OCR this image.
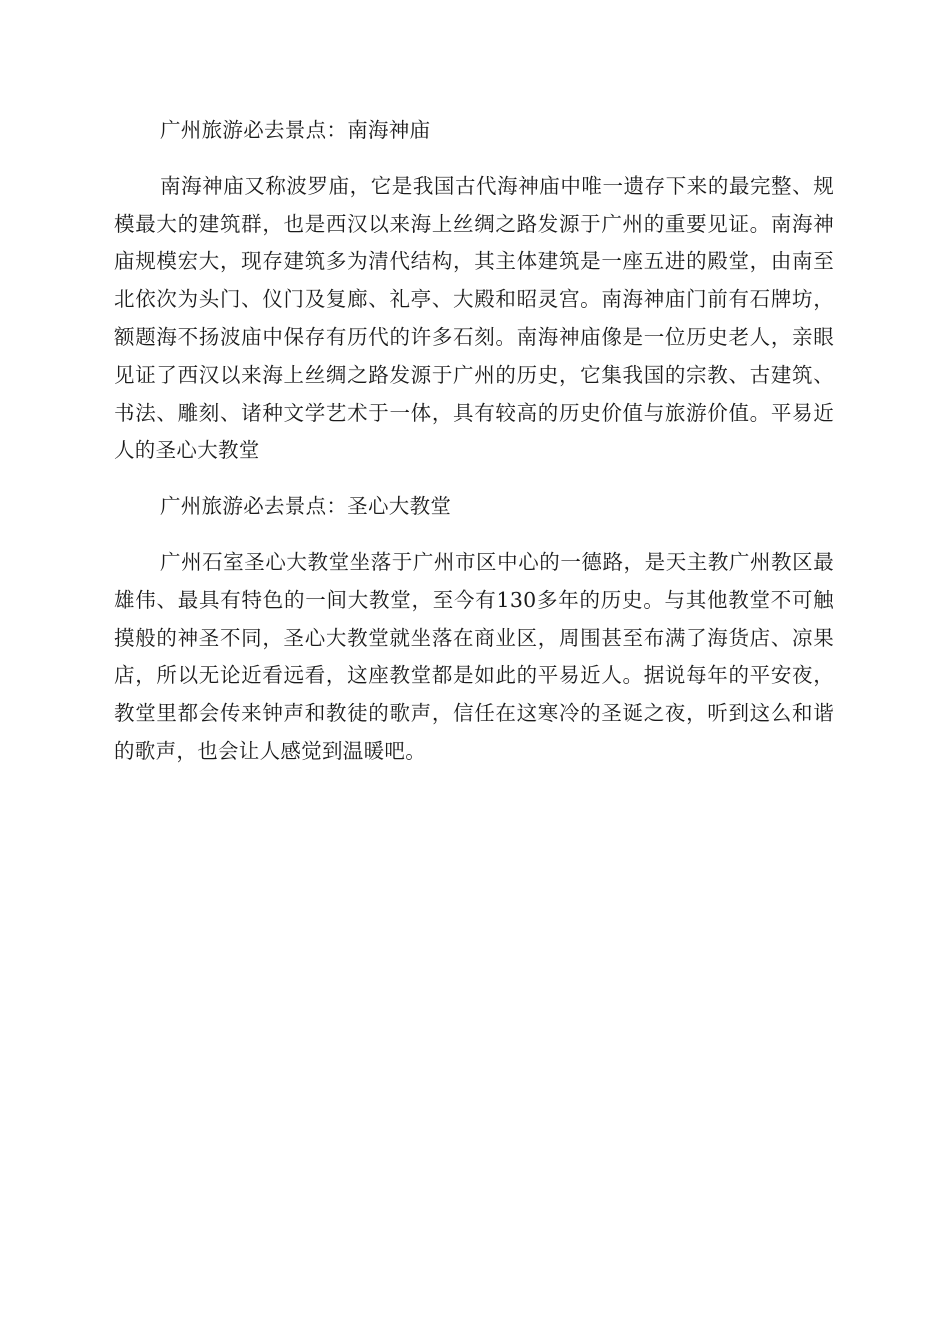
广州旅游必去景点：南海神庙

南海神庙又称波罗庙，它是我国古代海神庙中唯一遗存下来的最完整、规模最大的建筑群，也是西汉以来海上丝绸之路发源于广州的重要见证。南海神庙规模宏大，现存建筑多为清代结构，其主体建筑是一座五进的殿堂，由南至北依次为头门、仪门及复廊、礼亭、大殿和昭灵宫。南海神庙门前有石牌坊，额题海不扬波庙中保存有历代的许多石刻。南海神庙像是一位历史老人，亲眼见证了西汉以来海上丝绸之路发源于广州的历史，它集我国的宗教、古建筑、书法、雕刻、诸种文学艺术于一体，具有较高的历史价值与旅游价值。平易近人的圣心大教堂

广州旅游必去景点：圣心大教堂

广州石室圣心大教堂坐落于广州市区中心的一德路，是天主教广州教区最雄伟、最具有特色的一间大教堂，至今有130多年的历史。与其他教堂不可触摸般的神圣不同，圣心大教堂就坐落在商业区，周围甚至布满了海货店、凉果店，所以无论近看远看，这座教堂都是如此的平易近人。据说每年的平安夜，教堂里都会传来钟声和教徒的歌声，信任在这寒冷的圣诞之夜，听到这么和谐的歌声，也会让人感觉到温暖吧。
